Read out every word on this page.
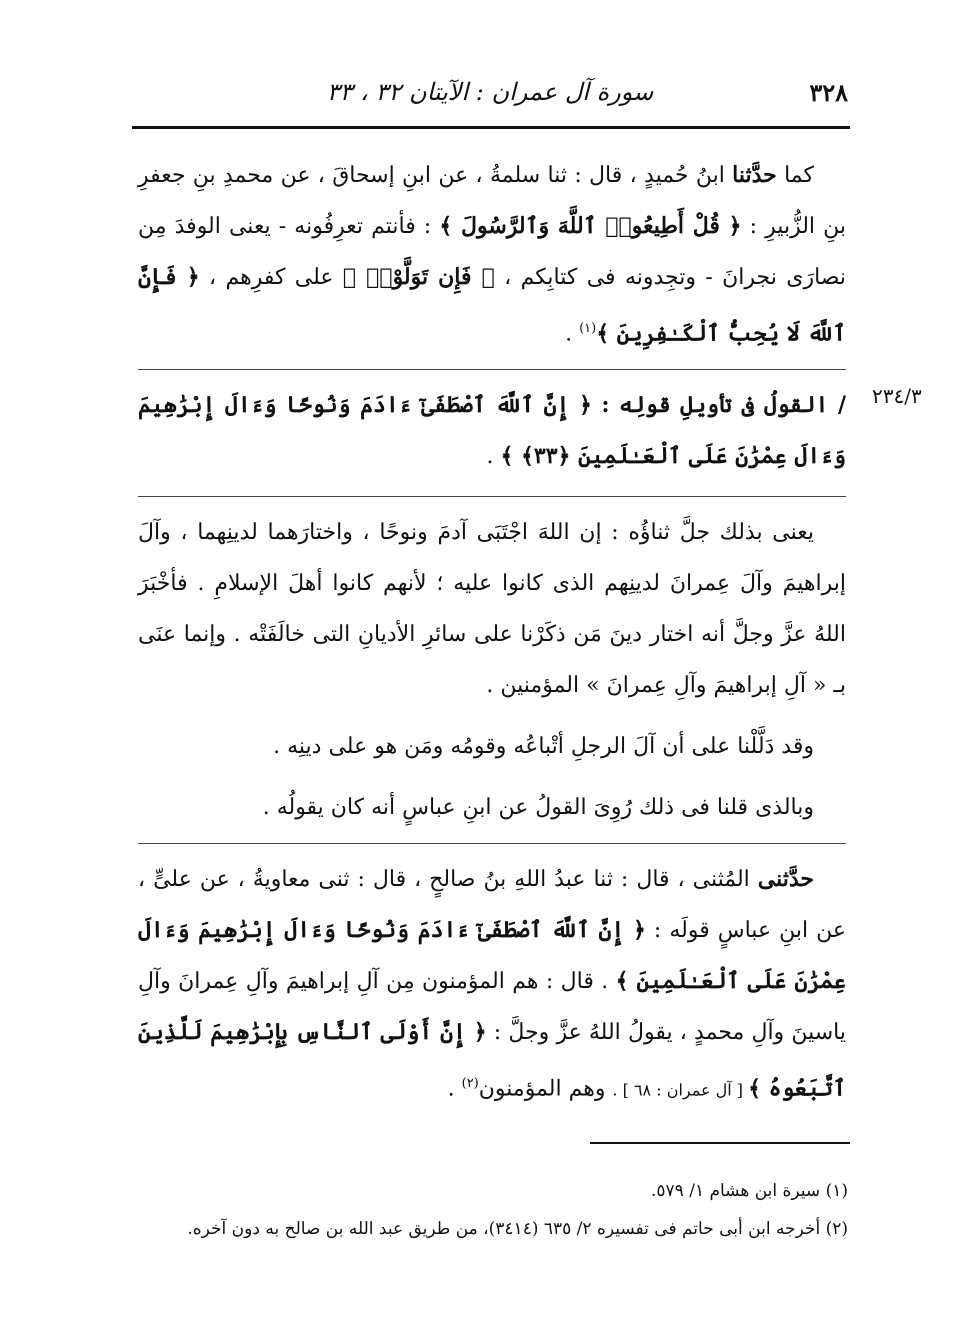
٣٢٨
سورة آل عمران : الآيتان ٣٢ ، ٣٣
٢٣٤/٣

كما حدَّثنا ابنُ حُميدٍ ، قال : ثنا سلمةُ ، عن ابنِ إسحاقَ ، عن محمدِ بنِ جعفرِ بنِ الزُّبيرِ : ﴿ قُلْ أَطِيعُوا۟ ٱللَّهَ وَٱلرَّسُولَ ﴾ : فأنتم تعرِفُونه - يعنى الوفدَ مِن نصارَى نجرانَ - وتجِدونه فى كتابِكم ، ﴿ فَإِن تَوَلَّوْا۟ ﴾ على كفرِهم ، ﴿ فَإِنَّ ٱللَّهَ لَا يُحِبُّ ٱلْكَـٰفِرِينَ ﴾$^{(١)}$ .

/ القولُ فى تأويلِ قولِه : ﴿ إِنَّ ٱللَّهَ ٱصْطَفَىٰٓ ءَادَمَ وَنُوحًا وَءَالَ إِبْرَٰهِيمَ وَءَالَ عِمْرَٰنَ عَلَى ٱلْعَـٰلَمِينَ ﴿٣٣﴾ ﴾ .

يعنى بذلك جلَّ ثناؤُه : إن اللهَ اجْتَبَى آدمَ ونوحًا ، واختارَهما لدينِهما ، وآلَ إبراهيمَ وآلَ عِمرانَ لدينِهم الذى كانوا عليه ؛ لأنهم كانوا أهلَ الإسلامِ . فأخْبَرَ اللهُ عزَّ وجلَّ أنه اختار دينَ مَن ذكَرْنا على سائرِ الأديانِ التى خالَفَتْه . وإنما عنَى بـ « آلِ إبراهيمَ وآلِ عِمرانَ » المؤمنين .

وقد دَلَّلْنا على أن آلَ الرجلِ أتْباعُه وقومُه ومَن هو على دينِه .

وبالذى قلنا فى ذلك رُوِىَ القولُ عن ابنِ عباسٍ أنه كان يقولُه .

حدَّثنى المُثنى ، قال : ثنا عبدُ اللهِ بنُ صالحٍ ، قال : ثنى معاويةُ ، عن علىٍّ ، عن ابنِ عباسٍ قولَه : ﴿ إِنَّ ٱللَّهَ ٱصْطَفَىٰٓ ءَادَمَ وَنُوحًا وَءَالَ إِبْرَٰهِيمَ وَءَالَ عِمْرَٰنَ عَلَى ٱلْعَـٰلَمِينَ ﴾ . قال : هم المؤمنون مِن آلِ إبراهيمَ وآلِ عِمرانَ وآلِ ياسينَ وآلِ محمدٍ ، يقولُ اللهُ عزَّ وجلَّ : ﴿ إِنَّ أَوْلَى ٱلنَّاسِ بِإِبْرَٰهِيمَ لَلَّذِينَ ٱتَّبَعُوهُ ﴾ [ آل عمران : ٦٨ ] . وهم المؤمنون$^{(٢)}$ .

(١) سيرة ابن هشام ١/ ٥٧٩.

(٢) أخرجه ابن أبى حاتم فى تفسيره ٢/ ٦٣٥ (٣٤١٤)، من طريق عبد الله بن صالح به دون آخره.
